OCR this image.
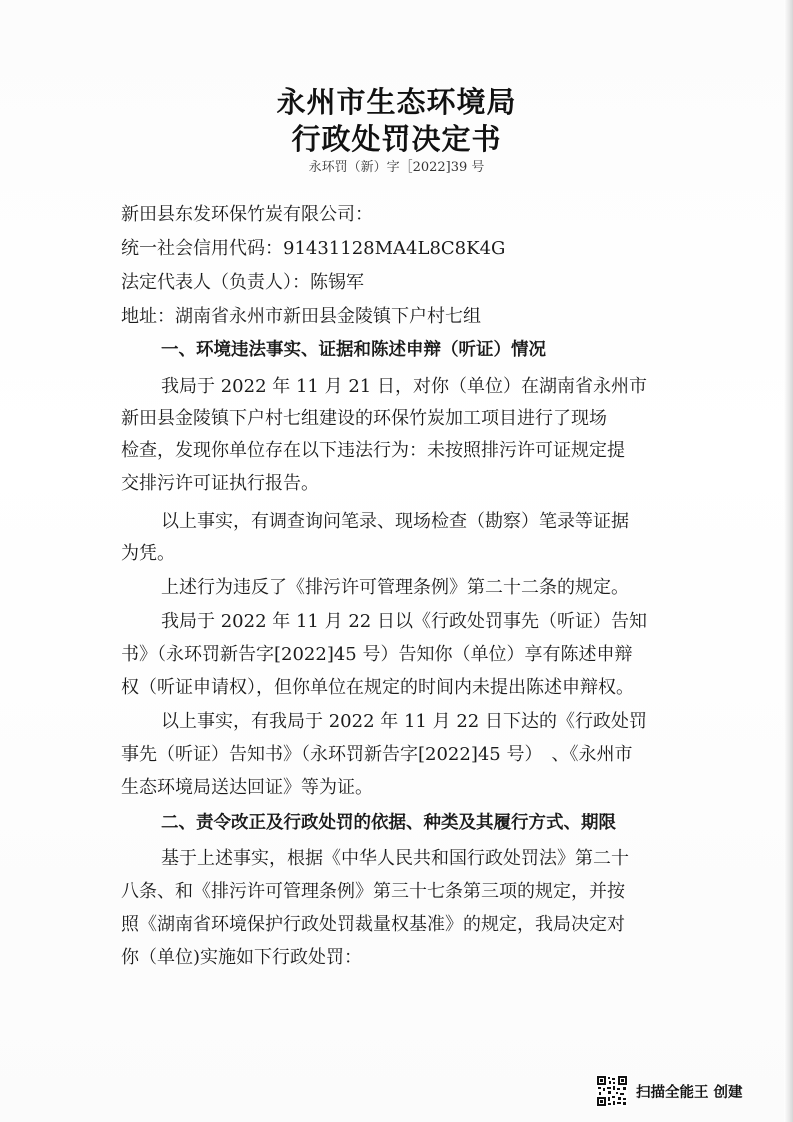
永州市生态环境局
行政处罚决定书
永环罚（新）字［2022]39 号
新田县东发环保竹炭有限公司：
统一社会信用代码：91431128MA4L8C8K4G
法定代表人（负责人）：陈锡军
地址：湖南省永州市新田县金陵镇下户村七组
一、环境违法事实、证据和陈述申辩（听证）情况
我局于 2022 年 11 月 21 日，对你（单位）在湖南省永州市
新田县金陵镇下户村七组建设的环保竹炭加工项目进行了现场
检查，发现你单位存在以下违法行为：未按照排污许可证规定提
交排污许可证执行报告。
以上事实，有调查询问笔录、现场检查（勘察）笔录等证据
为凭。
上述行为违反了《排污许可管理条例》第二十二条的规定。
我局于 2022 年 11 月 22 日以《行政处罚事先（听证）告知
书》（永环罚新告字[2022]45 号）告知你（单位）享有陈述申辩
权（听证申请权），但你单位在规定的时间内未提出陈述申辩权。
以上事实，有我局于 2022 年 11 月 22 日下达的《行政处罚
事先（听证）告知书》（永环罚新告字[2022]45 号）　、《永州市
生态环境局送达回证》等为证。
二、责令改正及行政处罚的依据、种类及其履行方式、期限
基于上述事实，根据《中华人民共和国行政处罚法》第二十
八条、和《排污许可管理条例》第三十七条第三项的规定，并按
照《湖南省环境保护行政处罚裁量权基准》的规定，我局决定对
你（单位)实施如下行政处罚：
扫描全能王 创建
